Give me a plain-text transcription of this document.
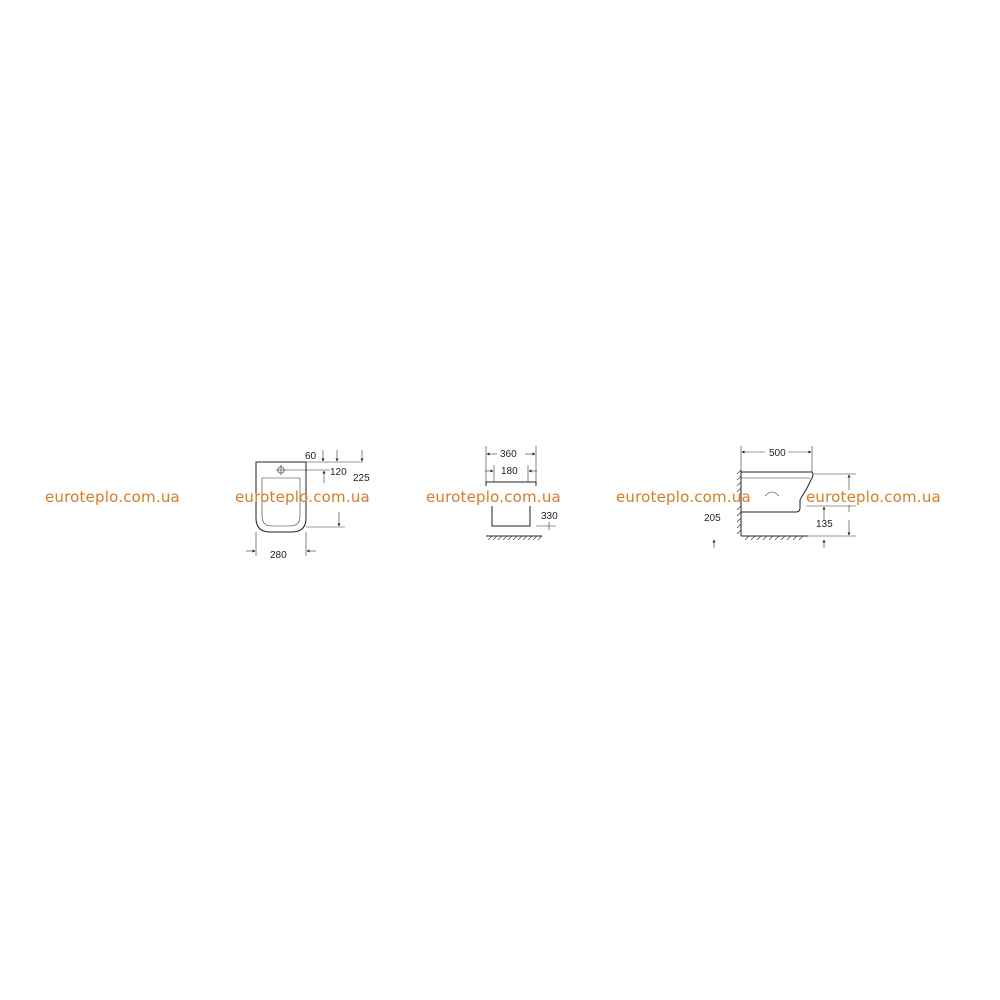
60
120
225
280
360
180
330
500
135
205
euroteplo.com.ua	euroteplo.com.ua	euroteplo.com.ua	euroteplo.com.ua	euroteplo.com.ua
